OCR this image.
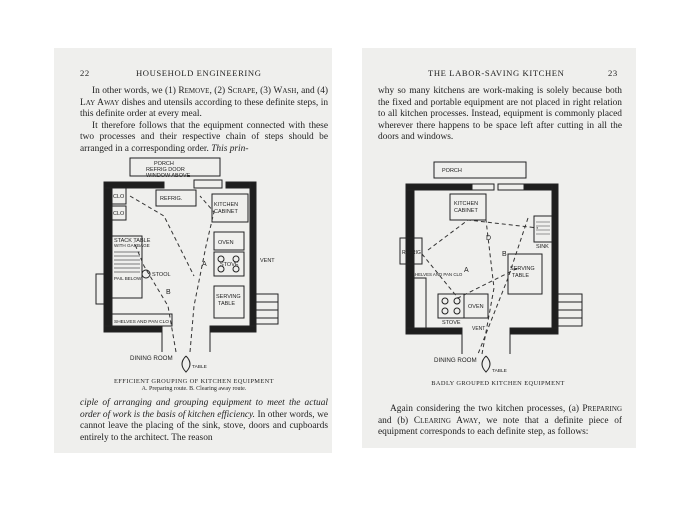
22	HOUSEHOLD ENGINEERING

In other words, we (1) Remove, (2) Scrape, (3) Wash, and (4) Lay Away dishes and utensils according to these definite steps, in this definite order at every meal.

It therefore follows that the equipment connected with these two processes and their respective chain of steps should be arranged in a corresponding order. This prin-

PORCH
REFRIG DOOR
WINDOW ABOVE
REFRIG.
CLO
CLO
KITCHEN
CABINET
STACK TABLE
WITH GARBAGE
PAIL BELOW
STOOL
OVEN
STOVE
SERVING
TABLE
VENT
SHELVES AND PAN CLO
DINING ROOM
TABLE
A
B
EFFICIENT GROUPING OF KITCHEN EQUIPMENT
A. Preparing route. B. Clearing away route.

ciple of arranging and grouping equipment to meet the actual order of work is the basis of kitchen efficiency. In other words, we cannot leave the placing of the sink, stove, doors and cupboards entirely to the architect. The reason

THE LABOR-SAVING KITCHEN	23

why so many kitchens are work-making is solely because both the fixed and portable equipment are not placed in right relation to all kitchen processes. Instead, equipment is commonly placed wherever there happens to be space left after cutting in all the doors and windows.

PORCH
KITCHEN
CABINET
REFRIG
SINK
SERVING
TABLE
STOVE
OVEN
VENT
SHELVES AND PAN CLO
DINING ROOM
TABLE
A
B
D
BADLY GROUPED KITCHEN EQUIPMENT

Again considering the two kitchen processes, (a) Preparing and (b) Clearing Away, we note that a definite piece of equipment corresponds to each definite step, as follows:
